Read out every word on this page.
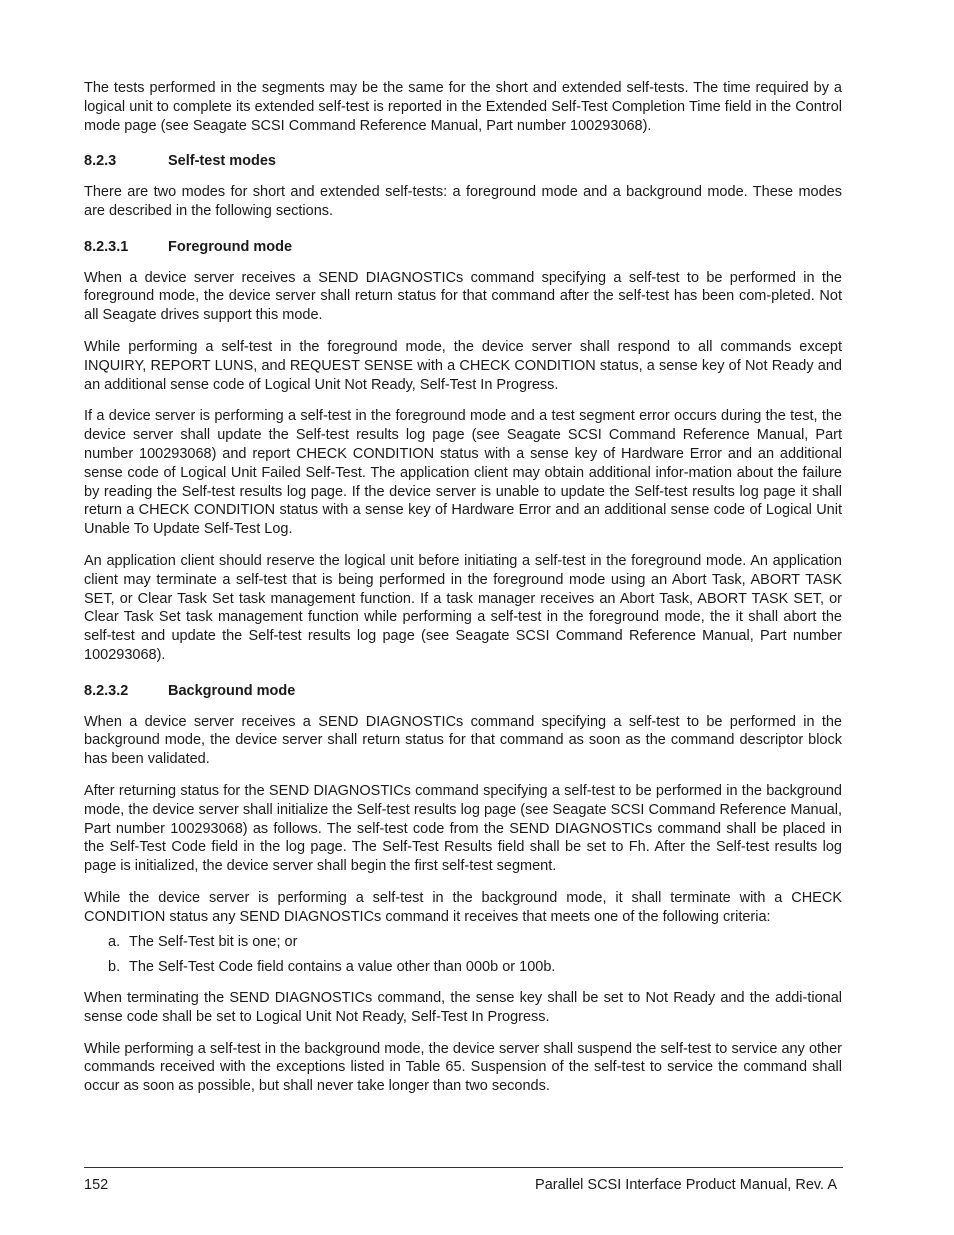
The tests performed in the segments may be the same for the short and extended self-tests. The time required by a logical unit to complete its extended self-test is reported in the Extended Self-Test Completion Time field in the Control mode page (see Seagate SCSI Command Reference Manual, Part number 100293068).

8.2.3	Self-test modes

There are two modes for short and extended self-tests: a foreground mode and a background mode. These modes are described in the following sections.

8.2.3.1	Foreground mode

When a device server receives a SEND DIAGNOSTICs command specifying a self-test to be performed in the foreground mode, the device server shall return status for that command after the self-test has been com-pleted. Not all Seagate drives support this mode.

While performing a self-test in the foreground mode, the device server shall respond to all commands except INQUIRY, REPORT LUNS, and REQUEST SENSE with a CHECK CONDITION status, a sense key of Not Ready and an additional sense code of Logical Unit Not Ready, Self-Test In Progress.

If a device server is performing a self-test in the foreground mode and a test segment error occurs during the test, the device server shall update the Self-test results log page (see Seagate SCSI Command Reference Manual, Part number 100293068) and report CHECK CONDITION status with a sense key of Hardware Error and an additional sense code of Logical Unit Failed Self-Test. The application client may obtain additional infor-mation about the failure by reading the Self-test results log page. If the device server is unable to update the Self-test results log page it shall return a CHECK CONDITION status with a sense key of Hardware Error and an additional sense code of Logical Unit Unable To Update Self-Test Log.

An application client should reserve the logical unit before initiating a self-test in the foreground mode. An application client may terminate a self-test that is being performed in the foreground mode using an Abort Task, ABORT TASK SET, or Clear Task Set task management function. If a task manager receives an Abort Task, ABORT TASK SET, or Clear Task Set task management function while performing a self-test in the foreground mode, the it shall abort the self-test and update the Self-test results log page (see Seagate SCSI Command Reference Manual, Part number 100293068).

8.2.3.2	Background mode

When a device server receives a SEND DIAGNOSTICs command specifying a self-test to be performed in the background mode, the device server shall return status for that command as soon as the command descriptor block has been validated.

After returning status for the SEND DIAGNOSTICs command specifying a self-test to be performed in the background mode, the device server shall initialize the Self-test results log page (see Seagate SCSI Command Reference Manual, Part number 100293068) as follows. The self-test code from the SEND DIAGNOSTICs command shall be placed in the Self-Test Code field in the log page. The Self-Test Results field shall be set to Fh. After the Self-test results log page is initialized, the device server shall begin the first self-test segment.

While the device server is performing a self-test in the background mode, it shall terminate with a CHECK CONDITION status any SEND DIAGNOSTICs command it receives that meets one of the following criteria:

a. The Self-Test bit is one; or
b. The Self-Test Code field contains a value other than 000b or 100b.

When terminating the SEND DIAGNOSTICs command, the sense key shall be set to Not Ready and the addi-tional sense code shall be set to Logical Unit Not Ready, Self-Test In Progress.

While performing a self-test in the background mode, the device server shall suspend the self-test to service any other commands received with the exceptions listed in Table 65. Suspension of the self-test to service the command shall occur as soon as possible, but shall never take longer than two seconds.

152	Parallel SCSI Interface Product Manual, Rev. A
